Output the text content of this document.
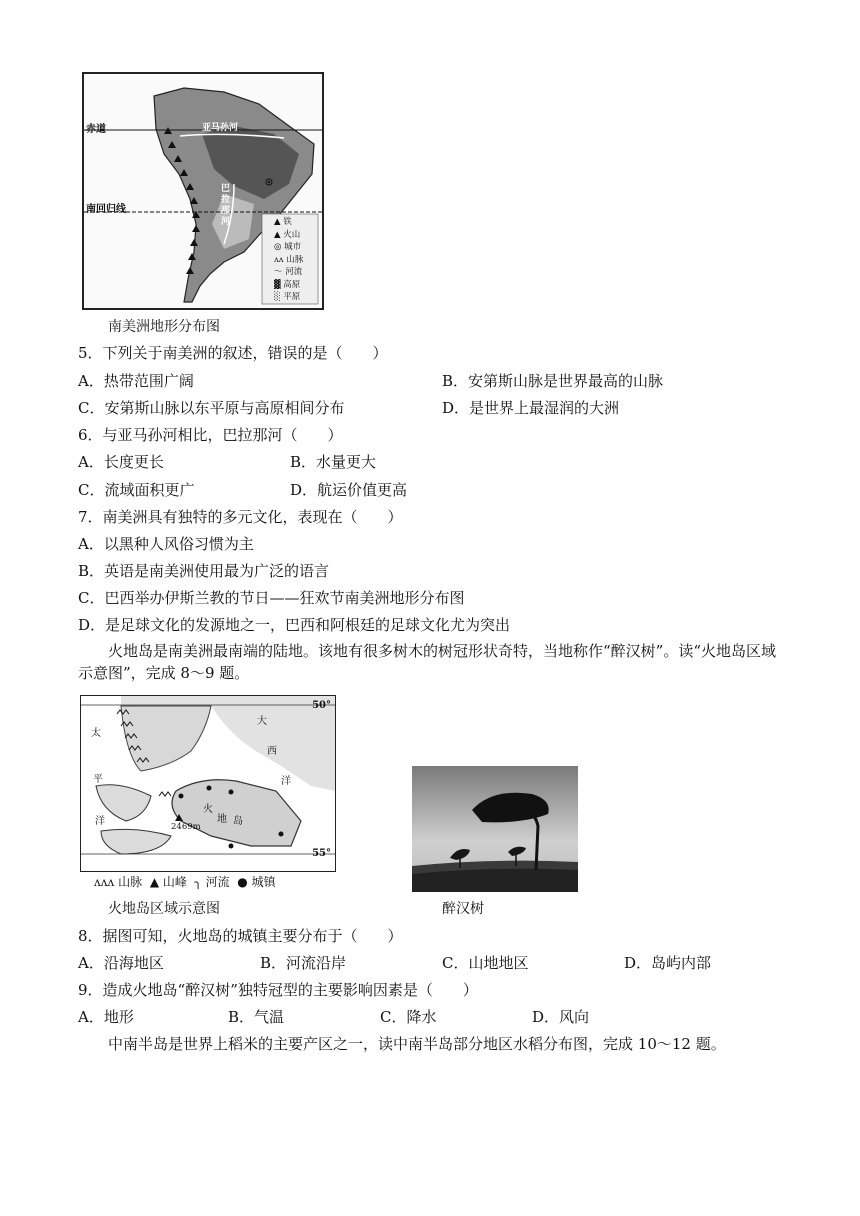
赤道
南回归线
亚马孙河
巴拉那河	▲ 铁
▲ 火山
◎ 城市
ʌʌ 山脉
～ 河流
▓ 高原
░ 平原
南美洲地形分布图
5．下列关于南美洲的叙述，错误的是（　　）
A．热带范围广阔	B．安第斯山脉是世界最高的山脉
C．安第斯山脉以东平原与高原相间分布	D．是世界上最湿润的大洲
6．与亚马孙河相比，巴拉那河（　　）
A．长度更长	B．水量更大
C．流域面积更广	D．航运价值更高
7．南美洲具有独特的多元文化，表现在（　　）
A．以黑种人风俗习惯为主
B．英语是南美洲使用最为广泛的语言
C．巴西举办伊斯兰教的节日——狂欢节南美洲地形分布图
D．是足球文化的发源地之一，巴西和阿根廷的足球文化尤为突出
火地岛是南美洲最南端的陆地。该地有很多树木的树冠形状奇特，当地称作“醉汉树”。读“火地岛区域示意图”，完成 8～9 题。
50°
55°
太
平
洋
大
西
洋
火
地 岛
2469m
ʌʌʌ 山脉 ▲ 山峰 ╮ 河流 ● 城镇
火地岛区域示意图	醉汉树
8．据图可知，火地岛的城镇主要分布于（　　）
A．沿海地区	B．河流沿岸	C．山地地区	D．岛屿内部
9．造成火地岛“醉汉树”独特冠型的主要影响因素是（　　）
A．地形	B．气温	C．降水	D．风向
中南半岛是世界上稻米的主要产区之一，读中南半岛部分地区水稻分布图，完成 10～12 题。
